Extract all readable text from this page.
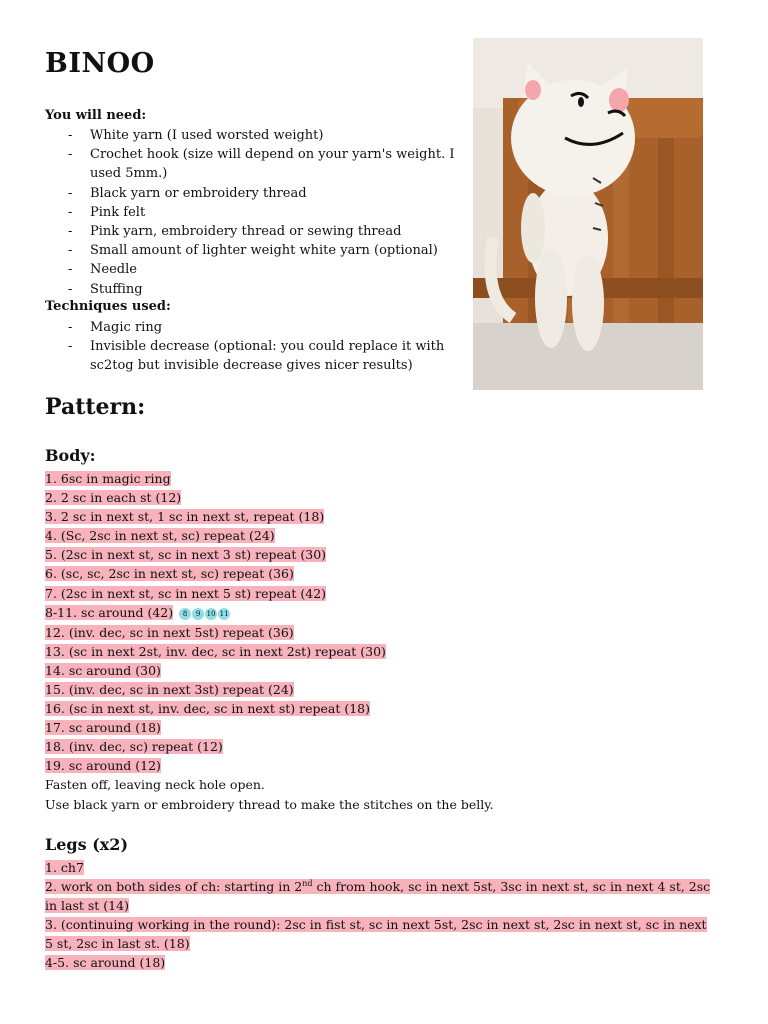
BINOO
You will need:
- White yarn (I used worsted weight)
- Crochet hook (size will depend on your yarn's weight. I used 5mm.)
- Black yarn or embroidery thread
- Pink felt
- Pink yarn, embroidery thread or sewing thread
- Small amount of lighter weight white yarn (optional)
- Needle
- Stuffing
Techniques used:
- Magic ring
- Invisible decrease (optional: you could replace it with sc2tog but invisible decrease gives nicer results)
Pattern:
Body:
1. 6sc in magic ring
2. 2 sc in each st (12)
3. 2 sc in next st, 1 sc in next st, repeat (18)
4. (Sc, 2sc in next st, sc) repeat (24)
5. (2sc in next st, sc in next 3 st) repeat (30)
6. (sc, sc, 2sc in next st, sc) repeat (36)
7. (2sc in next st, sc in next 5 st) repeat (42)
8-11. sc around (42) 8 9 10 11
12. (inv. dec, sc in next 5st) repeat (36)
13. (sc in next 2st, inv. dec, sc in next 2st) repeat (30)
14. sc around (30)
15. (inv. dec, sc in next 3st) repeat (24)
16. (sc in next st, inv. dec, sc in next st) repeat (18)
17. sc around (18)
18. (inv. dec, sc) repeat (12)
19. sc around (12)
Fasten off, leaving neck hole open.
Use black yarn or embroidery thread to make the stitches on the belly.
Legs (x2)
1. ch7
2. work on both sides of ch: starting in 2nd ch from hook, sc in next 5st, 3sc in next st, sc in next 4 st, 2sc in last st (14)
3. (continuing working in the round): 2sc in fist st, sc in next 5st, 2sc in next st, 2sc in next st, sc in next 5 st, 2sc in last st. (18)
4-5. sc around (18)
